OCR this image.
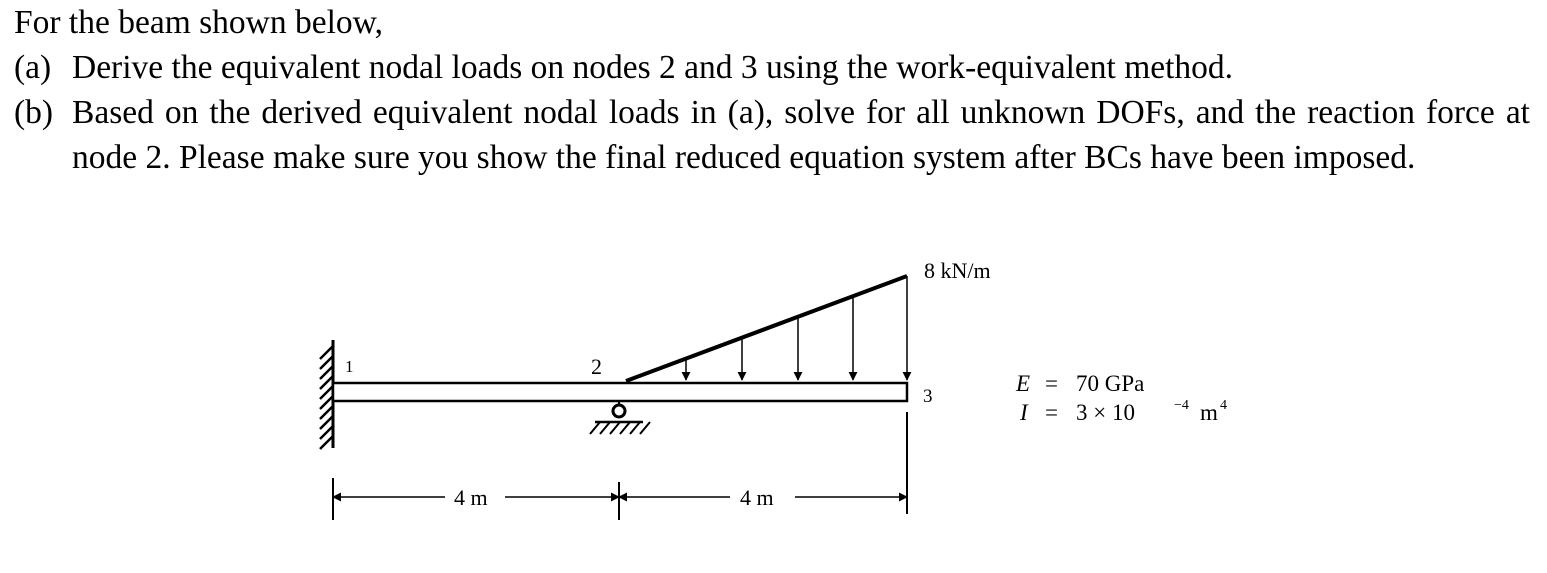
For the beam shown below,

(a) Derive the equivalent nodal loads on nodes 2 and 3 using the work-equivalent method.
(b) Based on the derived equivalent nodal loads in (a), solve for all unknown DOFs, and the reaction force at node 2. Please make sure you show the final reduced equation system after BCs have been imposed.
8 kN/m
1	2
3
4 m	4 m
E = 70 GPa
I = 3 × 10	−4 m 4
